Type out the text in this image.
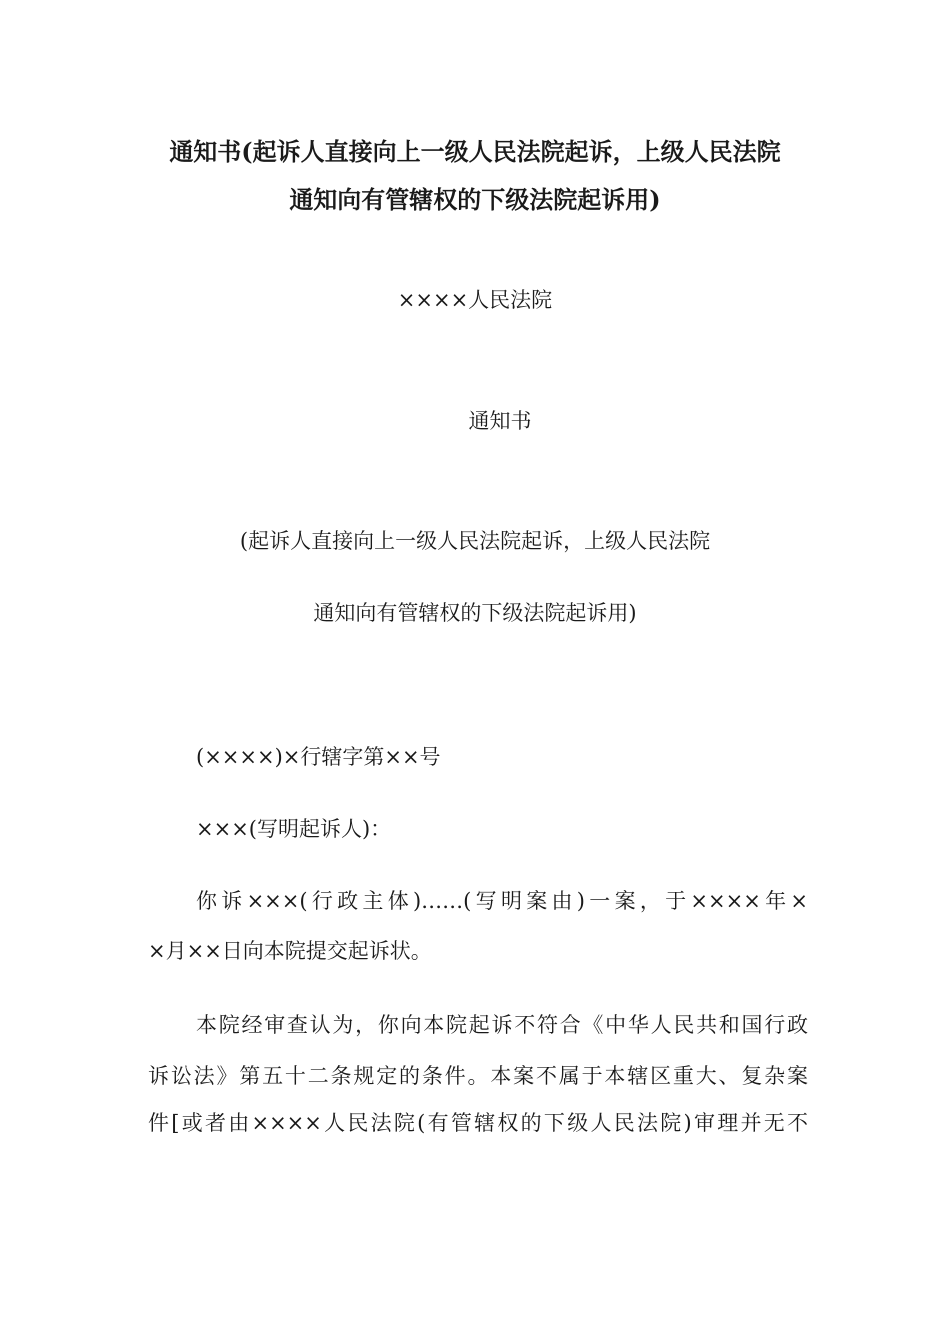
通知书(起诉人直接向上一级人民法院起诉，上级人民法院
通知向有管辖权的下级法院起诉用)
××××人民法院
通知书
(起诉人直接向上一级人民法院起诉，上级人民法院
通知向有管辖权的下级法院起诉用)
(××××)×行辖字第××号
×××(写明起诉人)：
你诉×××(行政主体)……(写明案由)一案，于××××年×
×月××日向本院提交起诉状。
本院经审查认为，你向本院起诉不符合《中华人民共和国行政
诉讼法》第五十二条规定的条件。本案不属于本辖区重大、复杂案
件[或者由××××人民法院(有管辖权的下级人民法院)审理并无不
